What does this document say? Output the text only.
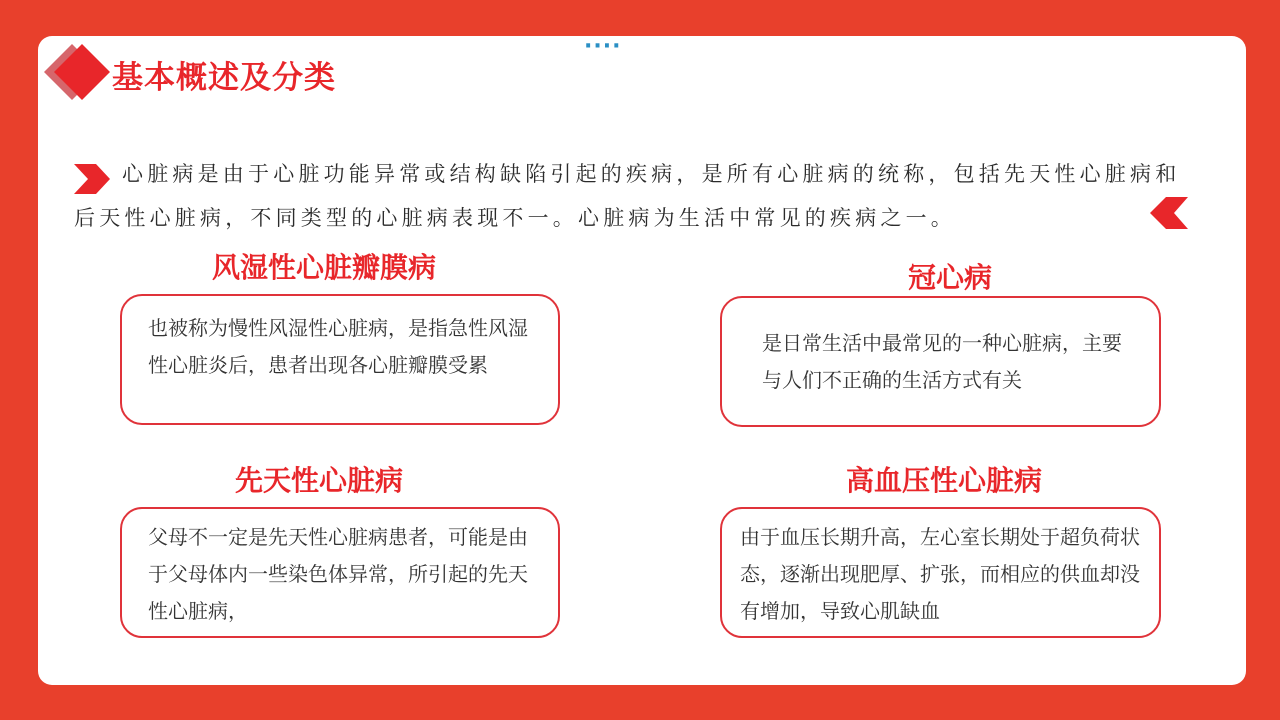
基本概述及分类
····
心脏病是由于心脏功能异常或结构缺陷引起的疾病，是所有心脏病的统称，包括先天性心脏病和后天性心脏病，不同类型的心脏病表现不一。心脏病为生活中常见的疾病之一。
风湿性心脏瓣膜病

也被称为慢性风湿性心脏病，是指急性风湿性心脏炎后，患者出现各心脏瓣膜受累

冠心病

是日常生活中最常见的一种心脏病，主要与人们不正确的生活方式有关

先天性心脏病

父母不一定是先天性心脏病患者，可能是由于父母体内一些染色体异常，所引起的先天性心脏病，

高血压性心脏病

由于血压长期升高，左心室长期处于超负荷状态，逐渐出现肥厚、扩张，而相应的供血却没有增加，导致心肌缺血
